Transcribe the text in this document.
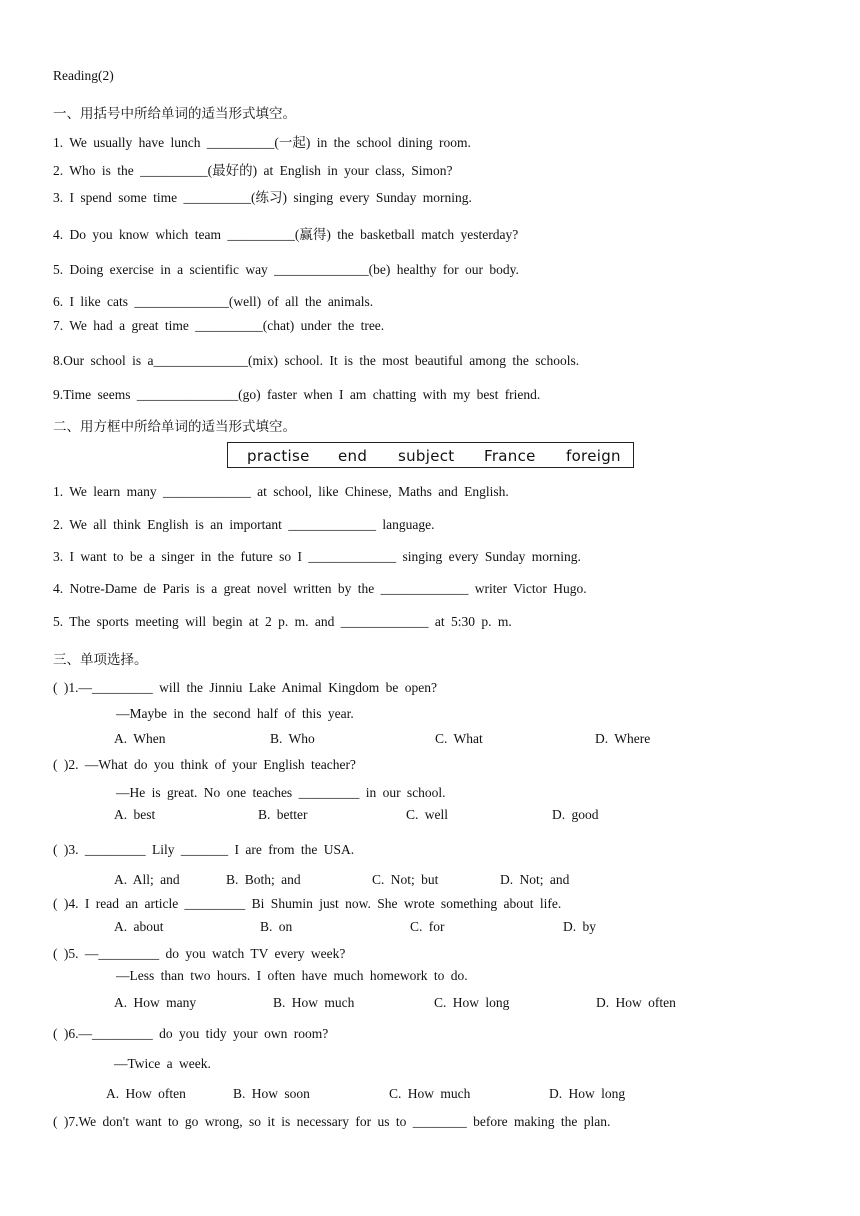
Reading(2)
一、用括号中所给单词的适当形式填空。
1. We usually have lunch __________(一起) in the school dining room.
2. Who is the __________(最好的) at English in your class, Simon?
3. I spend some time __________(练习) singing every Sunday morning.
4. Do you know which team __________(赢得) the basketball match yesterday?
5. Doing exercise in a scientific way ______________(be) healthy for our body.
6. I like cats ______________(well) of all the animals.
7. We had a great time __________(chat) under the tree.
8.Our school is a______________(mix) school. It is the most beautiful among the schools.
9.Time seems _______________(go) faster when I am chatting with my best friend.
二、用方框中所给单词的适当形式填空。
practise end subject France foreign
1. We learn many _____________ at school, like Chinese, Maths and English.
2. We all think English is an important _____________ language.
3. I want to be a singer in the future so I _____________ singing every Sunday morning.
4. Notre-Dame de Paris is a great novel written by the _____________ writer Victor Hugo.
5. The sports meeting will begin at 2 p. m. and _____________ at 5:30 p. m.
三、单项选择。
( )1.—_________ will the Jinniu Lake Animal Kingdom be open?
—Maybe in the second half of this year.
A. When	B. Who	C. What	D. Where
( )2. —What do you think of your English teacher?
—He is great. No one teaches _________ in our school.
A. best	B. better	C. well	D. good
( )3. _________ Lily _______ I are from the USA.
A. All; and	B. Both; and	C. Not; but	D. Not; and
( )4. I read an article _________ Bi Shumin just now. She wrote something about life.
A. about	B. on	C. for	D. by
( )5. —_________ do you watch TV every week?
—Less than two hours. I often have much homework to do.
A. How many	B. How much	C. How long	D. How often
( )6.—_________ do you tidy your own room?
—Twice a week.
A. How often	B. How soon	C. How much	D. How long
( )7.We don't want to go wrong, so it is necessary for us to ________ before making the plan.
